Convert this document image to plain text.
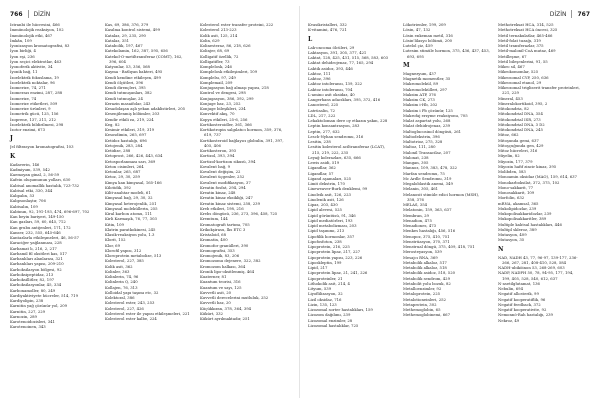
766 DİZİN
Istranbi ile hücresini, 466
İmmünolojik reaksiyon, 102
İmmünolojik etki, 467
İmkân, 109
İyonizasyon kromatografisi, 83
İyon birliği, 4
İyon eşi, 236
İyon seçici elektrotlar, 463
İyonoferik aktivite, 34
İyonik bağ, 11
İzoelektrik fokuslama, 19
İzoelektrik noktalar, 96
İzomerize, 74, 271
İzomerazı enzimi, 287, 288
İzomerize, 74
İzomerize etiketleri, 509
İzomerize ürünleri, 9
İzometrik gücü, 125, 156
İzoprene, 137, 211, 212
İzoelektrik bildirilmesi, 298
İzotor enzimi, 673
J
Jel filtrasyon kromatografisi, 103
K
Kadaverin, 146
Kadmiyum, 539, 542
Kaemoyan ginal, 2, 56-59
Kafein oluşumunun yolları, 630
Kalıtsal anomallik hastalık, 723-732
Kalıtsal etki, 330, 344
Kalıpalın, 53
Kalıpsonlaştır, 706
Kalıtsalın, 109
Kalıtının, 92, 191-193, 474, 696-697, 702
Kan beyin bariyeri, 149-150
Kan gazları, 59, 60, 645, 712
Kan grubu antijenleri, 171, 172
Kanser, 232, 555, 645-646
Kantazlarla etkileşmeleri, 46, 56-57
Karaciğer yağlanması, 228
Karbamat lı, 216, 2, 217
Karbamil fil oksitleri kas, 517
Karbanlıları alanlarası, 321
Karbanlıları yapısı, 209-210
Karboksilasyon bölgesi, 92
Karboksipeptidaz, 213
Karboksillitler, 82, 197
Karboksilasyonlar, 45, 334
Karbonamoller, 80, 249
Kardiyaktiviyete hücreler, 514, 719
Kardiyolipin, 238
Karnitin yağ çözünür yol, 209
Karnitin, 227, 229
Karnozin, 289
Karotenoidozisleri, 341
Karotenoinen, 343
Kas, 69, 386, 376, 379
Kasılma kontrol sistemi, 499
Katalaz, 29, 235, 290
Katalaz, 351
Katabolik, 197, 467
Katekolamin, 162, 387, 595, 656
Katekol-O-metiltransferaz (COMT), 162,
396, 604
Katyonlar, 53, 356, 568
Kayma - Batlıyan bakteri, 495
Kendi kendine etkileşen, 499
Kendi ölçütleri, 396
Kendi dirençleri, 395
Kendi tutmuşunları, 382
Kendi tutmuşlar, 24
Kerazin masaifolar, 243
Kesadolaşan aşlı yekan adaklistirleri, 205
Kesenjilenmiş bölümler, 203
Kendir etkili ısı, 219, 224
Keg, 82
Kesimir etkileri, 319, 319
Kesosdimin, 265, 697
Ketidoz hastalığı, 696
Ketojenik, 283, 284
Ketidize, 288
Ketoprost, 266, 426, 443, 634
Ketosporlanması sarı, 369
Keton cisimleri, 264
Ketonlar, 265, 687
Ketoz, 29, 30, 259
Kimya kan kimyasal, 165-166
Kilotidik, 392
Kilit-anahtar modeli, 61
Kimyasal bağ, 29, 30, 32
Kimyasal heterojenlik, 251
Kimyasal moleküllerin, 255
Kiral karbon atomu, 111
Kirli Karmaşık, 76, 77, 303
Kitin, 109
Klatrin paratkokinesi, 245
Klasik-reaksiyon yolu, 1.3
Klorit, 152
Klor, 69
Klorofil yapısı, 312
Kloroprotein metabolize, 513
Kolesterol, 227, 385
Kolik asit, 362
Kolinler, 363
Kolinlerin, 74, 96
Kolinlerin Q, 240
Kollajen, 76, 313
Kolloidal yapı taşımı etc, 32
Kolektoral, 386
Kolesterol ester, 243, 253
Kolesterol, 227, 426
Kolesterol ester ile yapısı etkileşmeleri, 221
Kolesterol ester kalbe, 224
Kolesterol ester transfer proteini, 222
Kolesterol 213-223
Kolik asit, 125, 214
Kolin, 629
Kolinesteraz, 86, 218, 626
Kolinjer, 68, 69
Kolligatif özellik, 72
Kolligatifler, 73
Komplelosk, 246
Komplelosk etkileşimleri, 109
Komplelsı, 97, 249
Komplemail, 209
Konjugasyon bağ almaşı yapısı, 218
Kontrol ve dengesi, 298
Konjugasyon, 386, 392, 299
Konjuge baz, 23, 252
Konjuge bileşikleri, 234
Konvektif akış, 70
Kopya etkileri, 25-6, 256
Kortikosteroidler, 361, 366
Kortikotropin salgılatıcı hormon, 359, 376,
619, 737
Kortikosteroid bağlayıcı globulin, 391, 397,
405, 406
Kortikosteron, 393
Kortizol, 393, 394
Kortizol-kortizon sikusü, 394
Kovalent bağ, 9
Kovalent değişim, 22
Kovalent üçgenler, 252
Kovalent modifikasyon, 37
Kreatin fosfat, 294, 294
Kreatin kinaz, 248
Kreatin kinaz eksikliği, 247
Kreatin kinaz sistemi, 258, 239
Kreb etkileri, 198, 216
Krebs döngüsü, 236, 273, 396, 458, 725
Kremtum, 144
Kromatografi tartımı, 705
Krikokşirasu, lks ETC 3
Kristaloid, 68
Kromatin, 400
Kromofor granülleri, 390
Kromografisi, 353
Kromojenik, 83, 206
Kromozomu dejenere, 322, 382
Kromozom halkası, 364
Kronik lipo-oksitlenmiş, 464
Kuaterner, 81
Kuantum teorisi, 316
Kuantum ve sayı, 125
Kuvvetli asit, 20
Kuvvetli derecelerini mutluluk, 252
Kuvvetli baz, 20
Küçükkıran, 378, 364, 394
Kükürt, 332
Kükürt ayrılmaktadır, 251
DİZİN 767
Kvasikristalleri, 332
K-vitamini, 476, 721
L
Lak-oncoma ölcüleri, 29
Laktasyon, 391, 305, 377, 421
Laktat, 128, 425, 431, 515, 568, 583, 603
Laktat dehidrojenaz, 77, 165, 294
Laktik asidoz, 393, 446
Laktoz, 111
Laktoz, 396
Laktoz intoleransı, 139, 322
Laktoz intoleransı, 704
L-amino asit oksidaz, 40
Langerhans adacıkları, 395, 372, 416
Lanosterol, 225
Latrüsalin, 72
LDL, 217, 222
Lekaktoloman dere oy etkazın yakın, 228
Leptin konsantrasyon, 283
Leptin, 277, 632
Lesch-Nyhan sendromu, 316
Lesitin, 238
Lesitin kolesterol aciltransferaz (LCAT),
215, 219, 222, 235
Leyağ kolerazları, 635, 666
Lewis asidi, 519
Ligandlar, 362
Ligandlar, 57
Ligand aşamaları, 525
Limit dekstrin, 170
Lineweaver-Burk denklemi, 99
Linoleik asit, 126, 223
Linolenik asit, 126
Lipaz, 203, 430
Lipid alevesi, 525
Lipid görüntüsü, 91, 346
Lipid mediatörleri, 193
Lipid metabolizması, 203
Lipid taşınımı, 213
Lipofilik hormonlar, 357
Lipofosfoton, 238
Lipoprotein, 216, 225
Lipoprotein lipaz, 217, 227
Lipoprotein yapısı, 223, 226
Liposkleptin, 199
Lipid, 217
Lipoprotein lipaz, 21, 241, 226
Lipoproteinler, 21
Lithokolik asit, 214, 4
Lityum, 539
Liyoflilizasyon, 32
Lizil oksidaz, 716
Lizin, 135, 123
Lizozomal sorter hastalıkları, 159
Lizozom dağılımı, 239
Lizozomal enzimler, 28
Lizozomal hastalıklar, 725
Lökotrienler, 199, 209
Lösin, 47, 132
Lösin enkeman metil, 316
Lösin'lilasyo bölümü, 200
Lutelol çiz, 459
Lutesim stimüle hormon, 375, 436, 437, 453,
693, 695
M
Magnezyum, 437
Magnetik momentler, 35
Makromolekül, 89
Makromolekülleri, 297
Maksim ATP, 376
Maksim CK, 273
Maksim i-Hb, 202
Maksim i Pb çözünür, 125
Makrofaj erzyme reaksiyonu, 705
Malat aspartat yolu, 268
Malat dehidrojenaz, 239
Maltoglucosinol döngüsü, 261
Maltodekstrin, 396
Maltotrioz, 275, 328
Maltoz, 111, 280
Malonil Transacilaz, 207
Malonat, 238
Mangan, 305
Mannoz, 109, 383, 478, 322
Marfan sendromu, 75
Mc Ardle Sendromu, 319
Megaloblastik anemi, 349
Melanin, 305, 461
Melanosit stimüle edici hormon (MSH),
358, 376
MELAS, 354
Melatonin, 159, 363, 637
Membran, 29
Menadion, 475
Menadiones, 473
Menkes hastalığı, 456, 516
Menopoz, 375, 410, 751
Menstrüasyon, 370, 371
Menstrual döngü, 375, 409, 418, 751
Merosteyasyon, 539
Mesajcı RNA, 369
Metabolik alkaloz, 517
Metabolik alkaloz, 518
Metabolik asidoz, 518, 520
Metabolik sendrom, 429
Metabolit yolu bozuk, 82
Metalloenzimler, 92
Metaloprotein, 225
Metalotioneinleri, 252
Metaprotein, 302
Methemoglobin, 65
Methemoglobinemi, 667
Methotreksat HCA, 314, 525
Methotreksat HCA öncesi, 325
Metil ternakulatlar, 465-466
Metil-folat tuzağı, 319
Metil transferazlar, 375
Metil-malonil-CoA mutaz, 469
Metilleşme, 67
Metil bileşenlerini, 91, 55
Mikro sil, 467
Mikrokomomlar, 525
Mikrosomal CYP, 250, 636
Mikrosomal etanol, 29
Mikrozomal trigliserit transfer proteinleri,
221, 229
Mineral, 453
Mineralokortikoid, 395, 2
Mitokondria, 82
Mitokondrial DNA, 354
Mitokondrial ISR, 273
Mitokondrial DNA, 3 D2
Mitokondrial DNA, 245
Mitoz, 662
Mitoşunda gemi, 637
Mitoşçuğunda gen, 429
Mitoz hücreleri, 316
Miyelin, 82
Miyozin, 177, 379
Miyozin hafif zincir kinaz, 395
Molibden, 583
Monoamin oksidaz (MAO), 159, 614, 637
Monokarboksilat, 372, 375, 102
Mono-sakkarit, 77
Monosakkarit, 109
Morfolin, 632
mRNA, akamsal, 365
Mukolipidozlar, 239
Mukopolisakkaridozlar, 239
Mukopolisakkaritler, 389
Multiple kalıtsal hastalıkları, 446
Multipl skleroz, 389
Mutasyon, 409
Mutasyon, 35
N
NAD, NADH 43, 77, 96-97, 139-177, 236-
266, 267, 281, 408-410, 528, 584
NADH-ubiköinon 53, 268-269, 603
NADP, NADPH 50, 78, 94-95, 177, 194,
199, 405, 528, 540, 612, 637
N-asetilglutamat, 136
Nebulin, 694
Negatif allosterik, 99
Negatif kooperatiflik, 96
Negatif feedback, 372
Negatif kooperativite, 92
Nemonnö-Rah hastalığı, 239
Nekroz, 49
